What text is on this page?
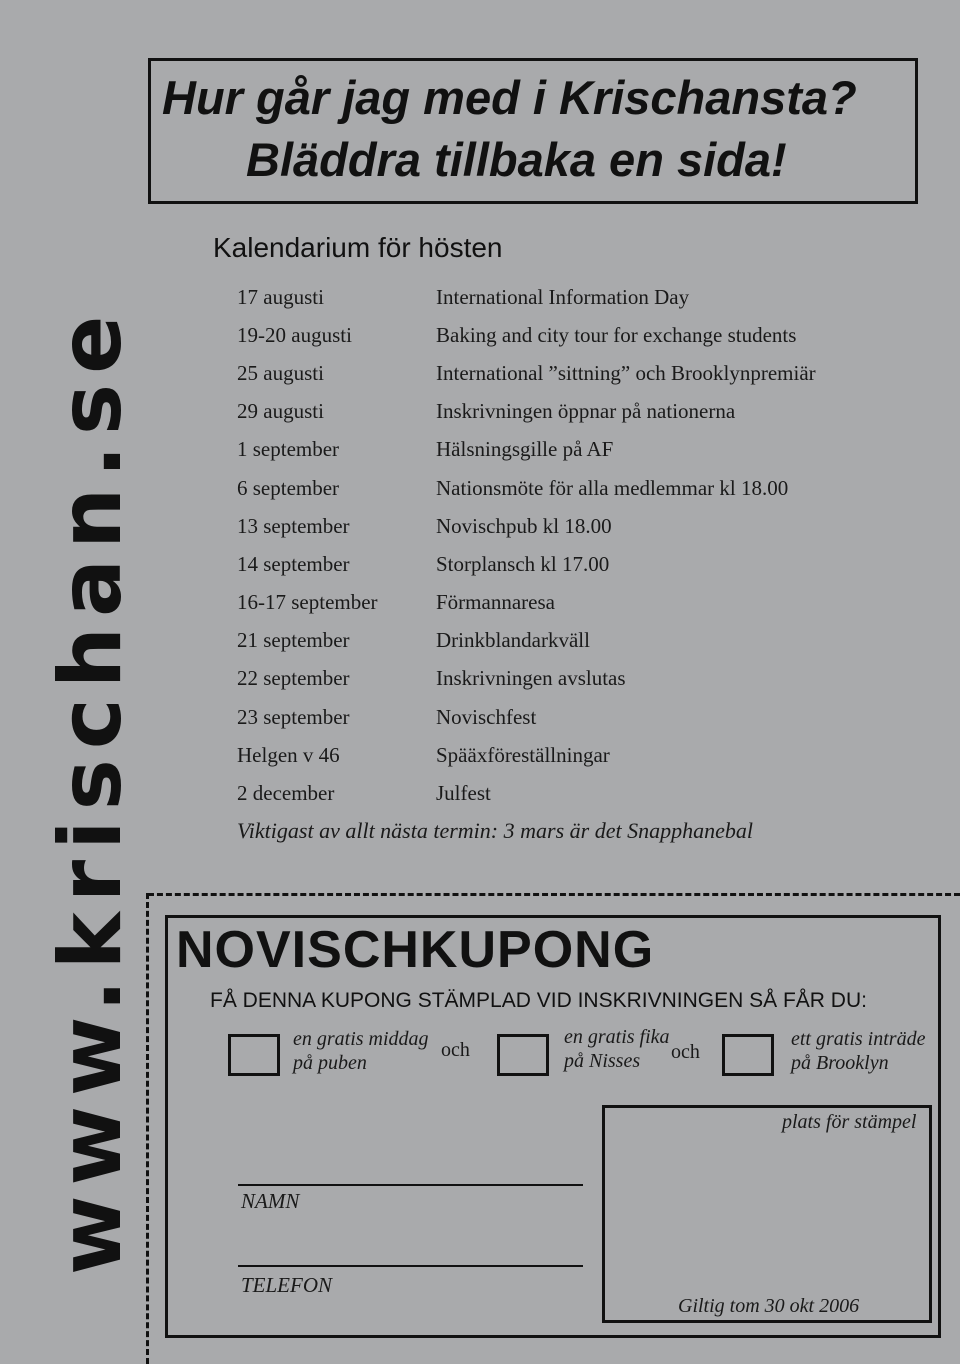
www.krischan.se
Hur går jag med i Krischansta?
Bläddra tillbaka en sida!
Kalendarium för hösten
17 augusti	International Information Day
19-20 augusti	Baking and city tour for exchange students
25 augusti	International ”sittning” och Brooklynpremiär
29 augusti	Inskrivningen öppnar på nationerna
1 september	Hälsningsgille på AF
6 september	Nationsmöte för alla medlemmar kl 18.00
13 september	Novischpub kl 18.00
14 september	Storplansch kl 17.00
16-17 september	Förmannaresa
21 september	Drinkblandarkväll
22 september	Inskrivningen avslutas
23 september	Novischfest
Helgen v 46	Spääxföreställningar
2 december	Julfest
Viktigast av allt nästa termin: 3 mars är det Snapphanebal
NOVISCHKUPONG
FÅ DENNA KUPONG STÄMPLAD VID INSKRIVNINGEN SÅ FÅR DU:
en gratis middag
på puben
och
en gratis fika
på Nisses	och
ett gratis inträde
på Brooklyn
NAMN
TELEFON
plats för stämpel
Giltig tom 30 okt 2006
